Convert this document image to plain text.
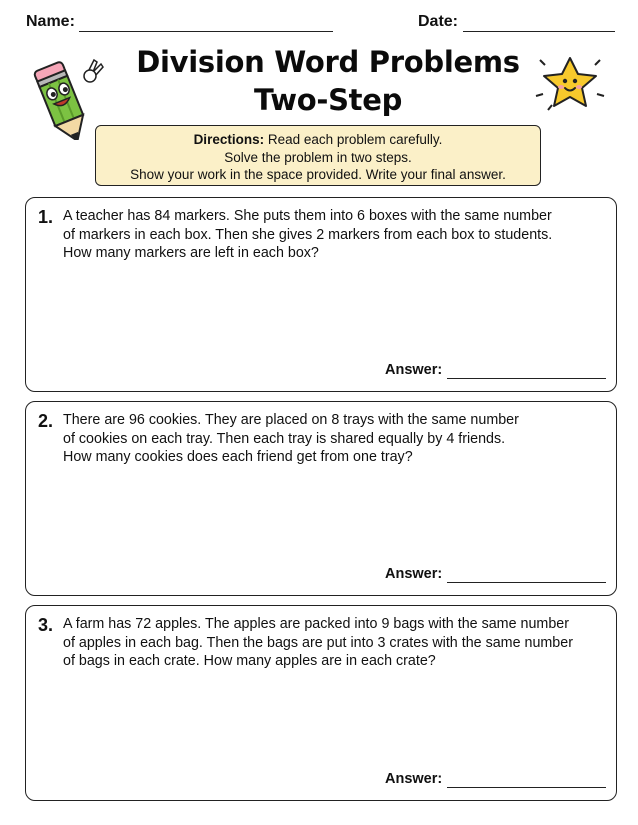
Name:	Date:
Division Word Problems
Two-Step
Directions: Read each problem carefully.
Solve the problem in two steps.
Show your work in the space provided. Write your final answer.
1. A teacher has 84 markers. She puts them into 6 boxes with the same number
of markers in each box. Then she gives 2 markers from each box to students.
How many markers are left in each box?
Answer:
2. There are 96 cookies. They are placed on 8 trays with the same number
of cookies on each tray. Then each tray is shared equally by 4 friends.
How many cookies does each friend get from one tray?
Answer:
3. A farm has 72 apples. The apples are packed into 9 bags with the same number
of apples in each bag. Then the bags are put into 3 crates with the same number
of bags in each crate. How many apples are in each crate?
Answer:
